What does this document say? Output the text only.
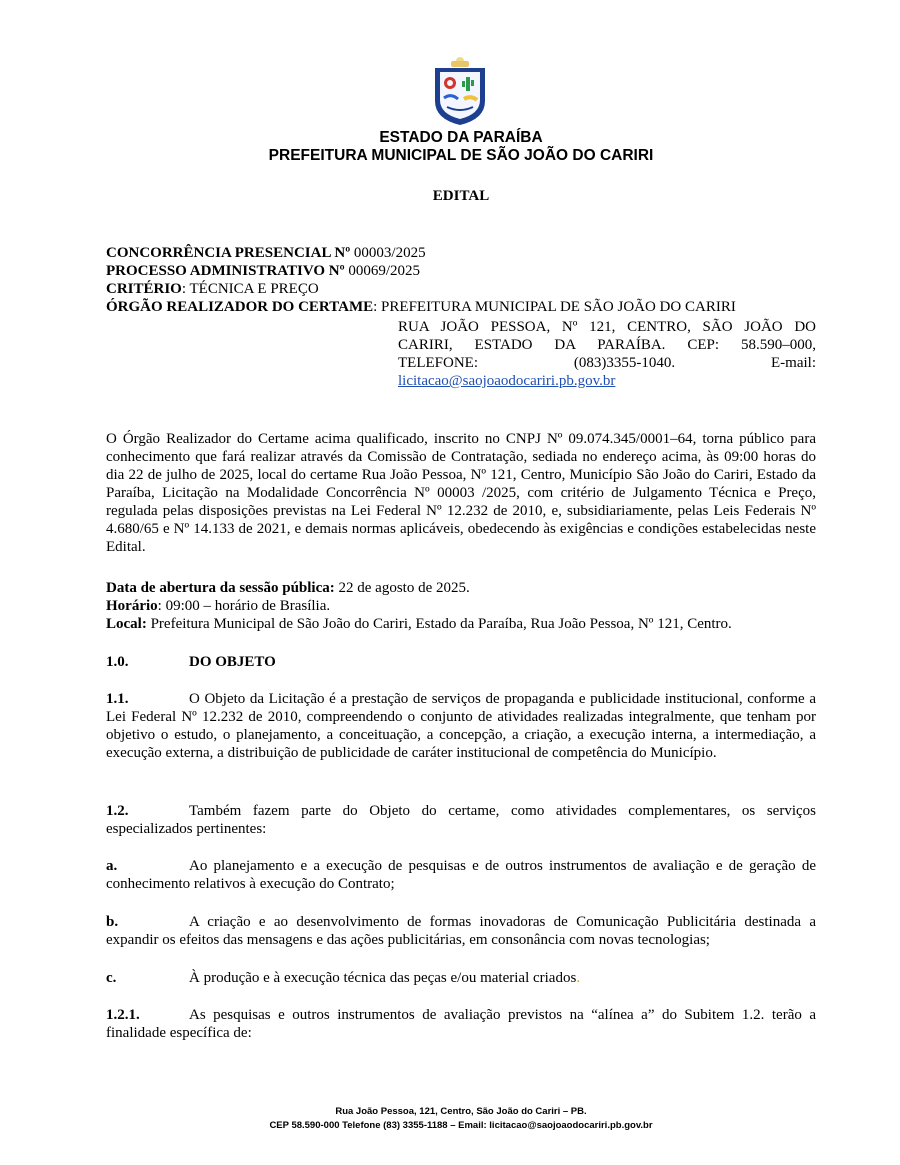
ESTADO DA PARAÍBA
PREFEITURA MUNICIPAL DE SÃO JOÃO DO CARIRI
EDITAL
CONCORRÊNCIA PRESENCIAL Nº 00003/2025
PROCESSO ADMINISTRATIVO Nº 00069/2025
CRITÉRIO: TÉCNICA E PREÇO
ÓRGÃO REALIZADOR DO CERTAME: PREFEITURA MUNICIPAL DE SÃO JOÃO DO CARIRI
RUA JOÃO PESSOA, Nº 121, CENTRO, SÃO JOÃO DO
CARIRI, ESTADO DA PARAÍBA. CEP: 58.590–000,
TELEFONE: (083)3355-1040. E-mail:
licitacao@saojoaodocariri.pb.gov.br
O Órgão Realizador do Certame acima qualificado, inscrito no CNPJ Nº 09.074.345/0001–64, torna público para conhecimento que fará realizar através da Comissão de Contratação, sediada no endereço acima, às 09:00 horas do dia 22 de julho de 2025, local do certame Rua João Pessoa, Nº 121, Centro, Município São João do Cariri, Estado da Paraíba, Licitação na Modalidade Concorrência Nº 00003 /2025, com critério de Julgamento Técnica e Preço, regulada pelas disposições previstas na Lei Federal Nº 12.232 de 2010, e, subsidiariamente, pelas Leis Federais Nº 4.680/65 e Nº 14.133 de 2021, e demais normas aplicáveis, obedecendo às exigências e condições estabelecidas neste Edital.
Data de abertura da sessão pública: 22 de agosto de 2025.
Horário: 09:00 – horário de Brasília.
Local: Prefeitura Municipal de São João do Cariri, Estado da Paraíba, Rua João Pessoa, Nº 121, Centro.
1.0.	DO OBJETO
1.1.	O Objeto da Licitação é a prestação de serviços de propaganda e publicidade institucional, conforme a Lei Federal Nº 12.232 de 2010, compreendendo o conjunto de atividades realizadas integralmente, que tenham por objetivo o estudo, o planejamento, a conceituação, a concepção, a criação, a execução interna, a intermediação, a execução externa, a distribuição de publicidade de caráter institucional de competência do Município.
1.2.	Também fazem parte do Objeto do certame, como atividades complementares, os serviços especializados pertinentes:
a.	Ao planejamento e a execução de pesquisas e de outros instrumentos de avaliação e de geração de conhecimento relativos à execução do Contrato;
b.	A criação e ao desenvolvimento de formas inovadoras de Comunicação Publicitária destinada a expandir os efeitos das mensagens e das ações publicitárias, em consonância com novas tecnologias;
c.	À produção e à execução técnica das peças e/ou material criados.
1.2.1.	As pesquisas e outros instrumentos de avaliação previstos na “alínea a” do Subitem 1.2. terão a finalidade específica de:
Rua João Pessoa, 121, Centro, São João do Cariri – PB.
CEP 58.590-000 Telefone (83) 3355-1188 – Email: licitacao@saojoaodocariri.pb.gov.br
